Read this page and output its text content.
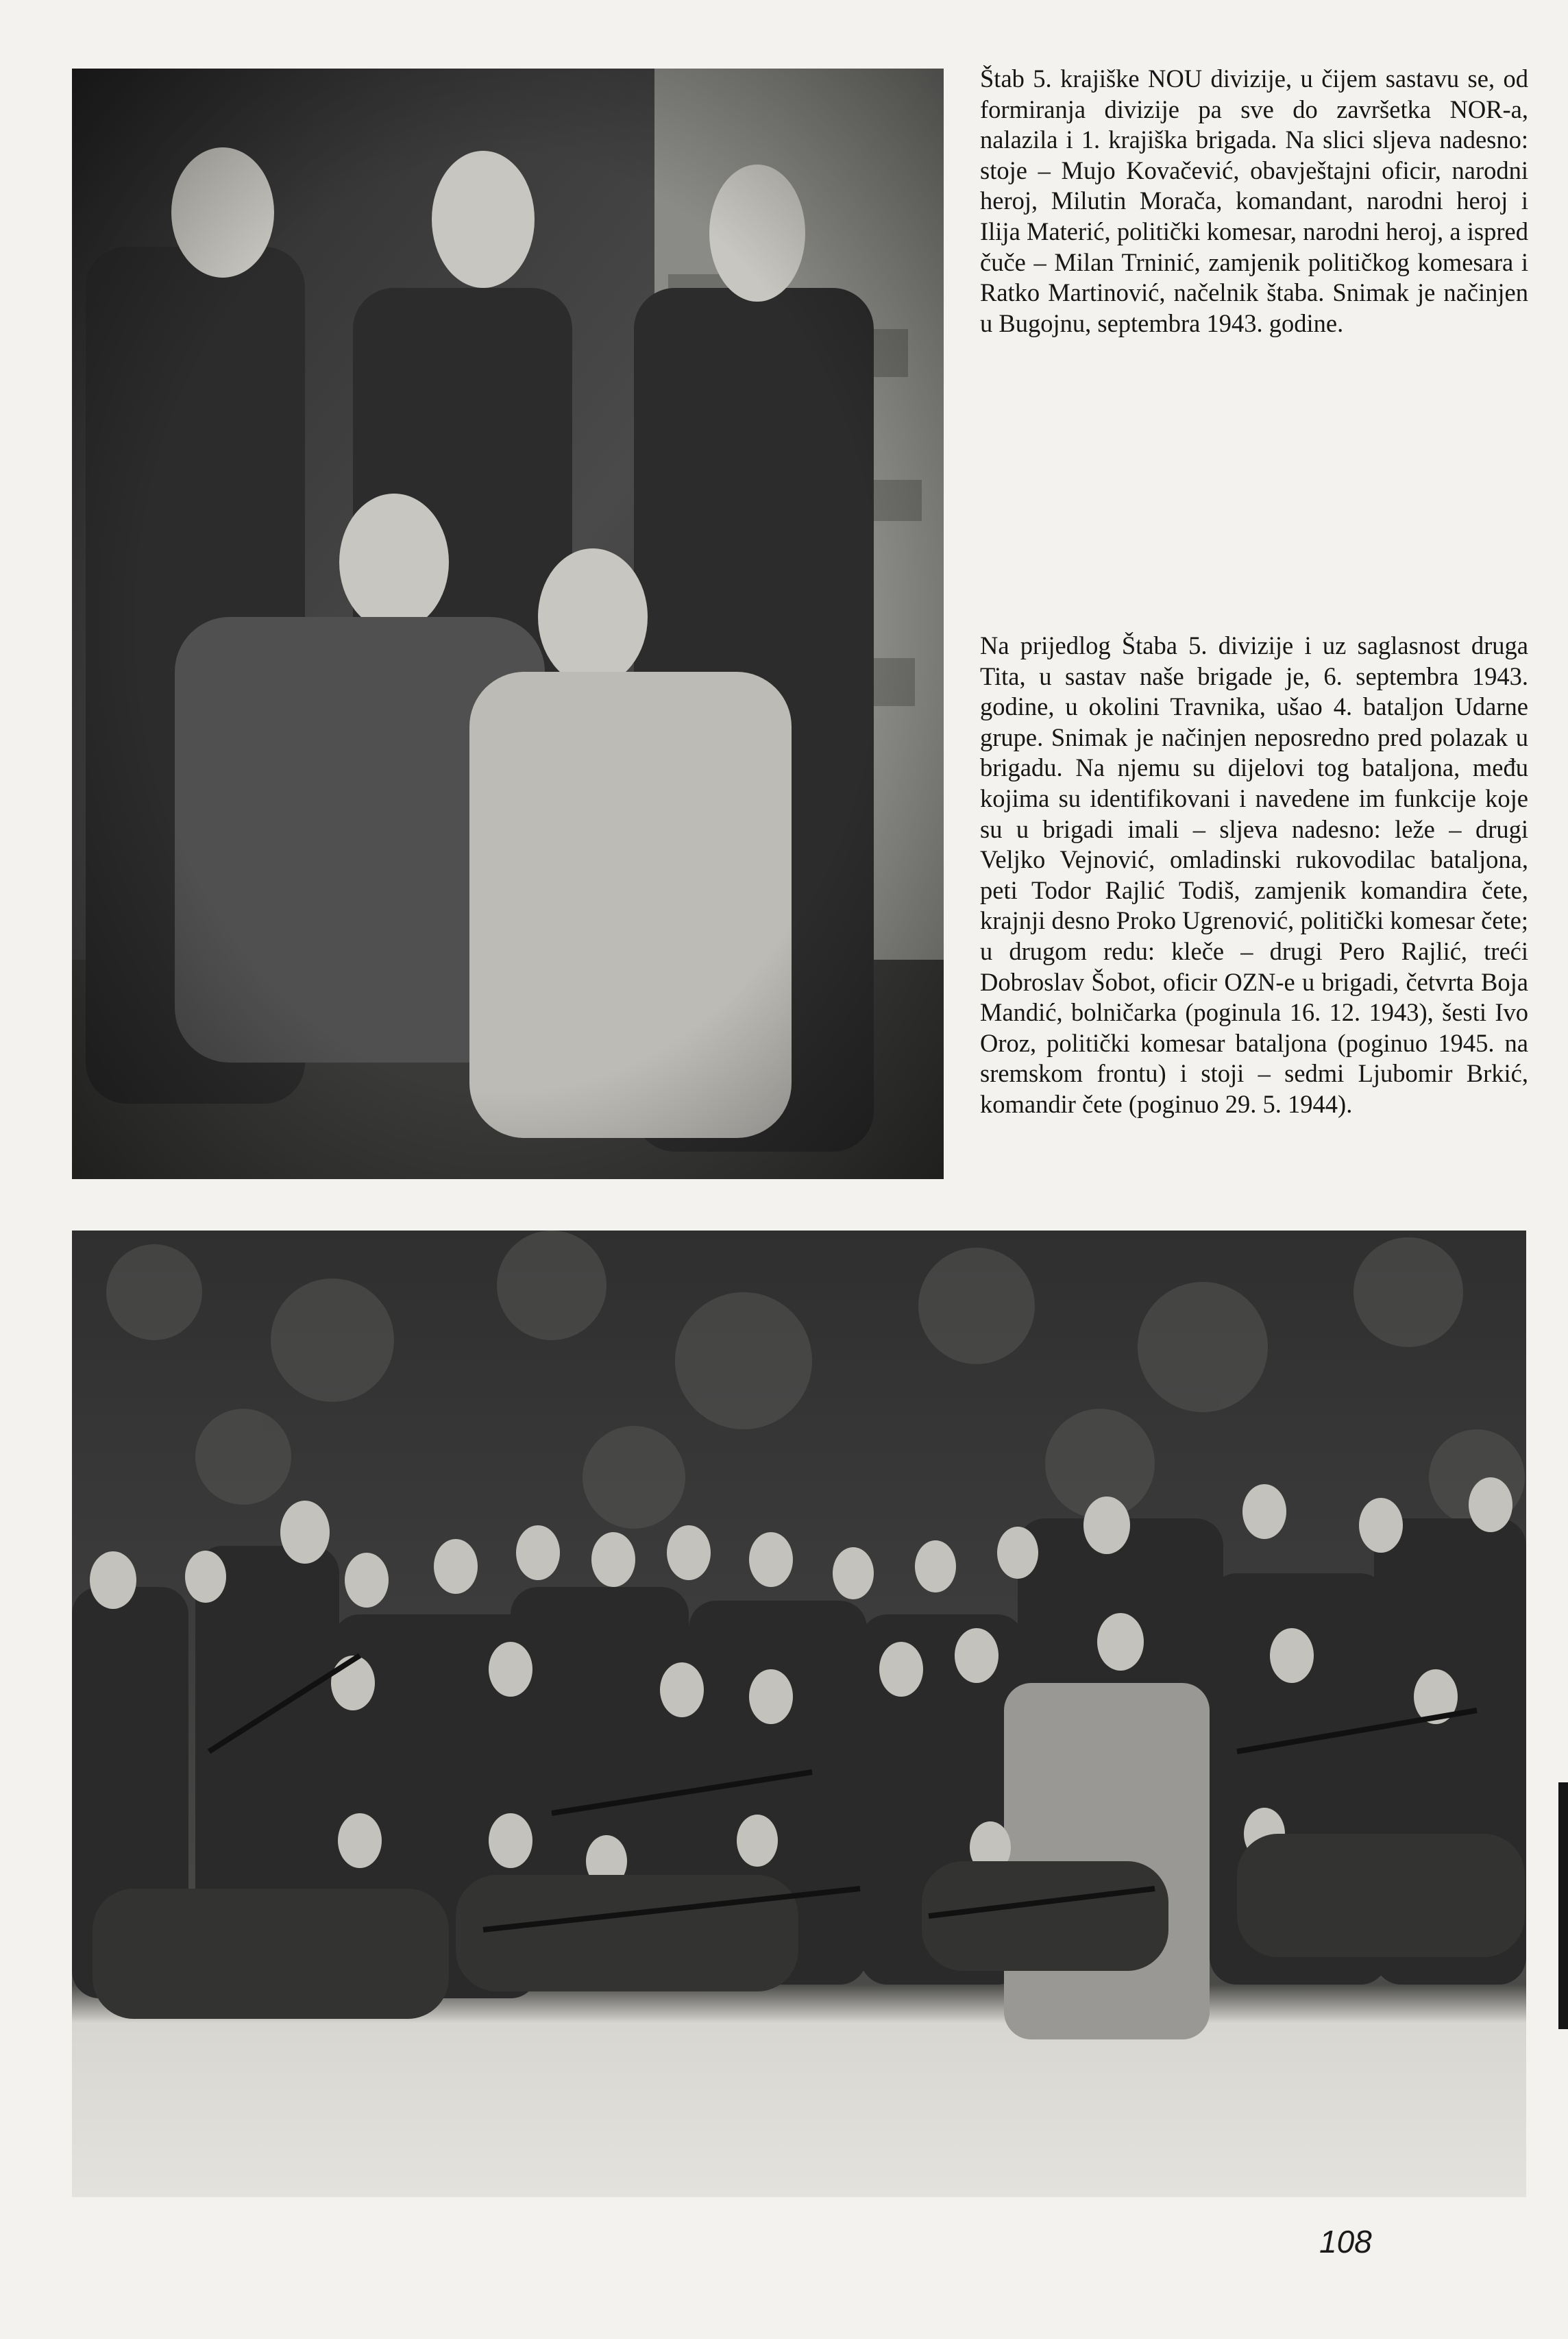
Štab 5. krajiške NOU divizije, u čijem sastavu se, od formiranja divizije pa sve do završetka NOR-a, nalazila i 1. krajiška brigada. Na slici sljeva nadesno: stoje – Mujo Kovačević, obavještajni oficir, narodni heroj, Milutin Morača, komandant, narodni heroj i Ilija Materić, politički komesar, narodni heroj, a ispred čuče – Milan Trninić, zamjenik političkog komesara i Ratko Martinović, načelnik štaba. Snimak je načinjen u Bugojnu, septembra 1943. godine.
Na prijedlog Štaba 5. divizije i uz saglasnost druga Tita, u sastav naše brigade je, 6. septembra 1943. godine, u okolini Travnika, ušao 4. bataljon Udarne grupe. Snimak je načinjen neposredno pred polazak u brigadu. Na njemu su dijelovi tog bataljona, među kojima su identifikovani i navedene im funkcije koje su u brigadi imali – sljeva nadesno: leže – drugi Veljko Vejnović, omladinski rukovodilac bataljona, peti Todor Rajlić Todiš, zamjenik komandira čete, krajnji desno Proko Ugrenović, politički komesar čete; u drugom redu: kleče – drugi Pero Rajlić, treći Dobroslav Šobot, oficir OZN-e u brigadi, četvrta Boja Mandić, bolničarka (poginula 16. 12. 1943), šesti Ivo Oroz, politički komesar bataljona (poginuo 1945. na sremskom frontu) i stoji – sedmi Ljubomir Brkić, komandir čete (poginuo 29. 5. 1944).
108
